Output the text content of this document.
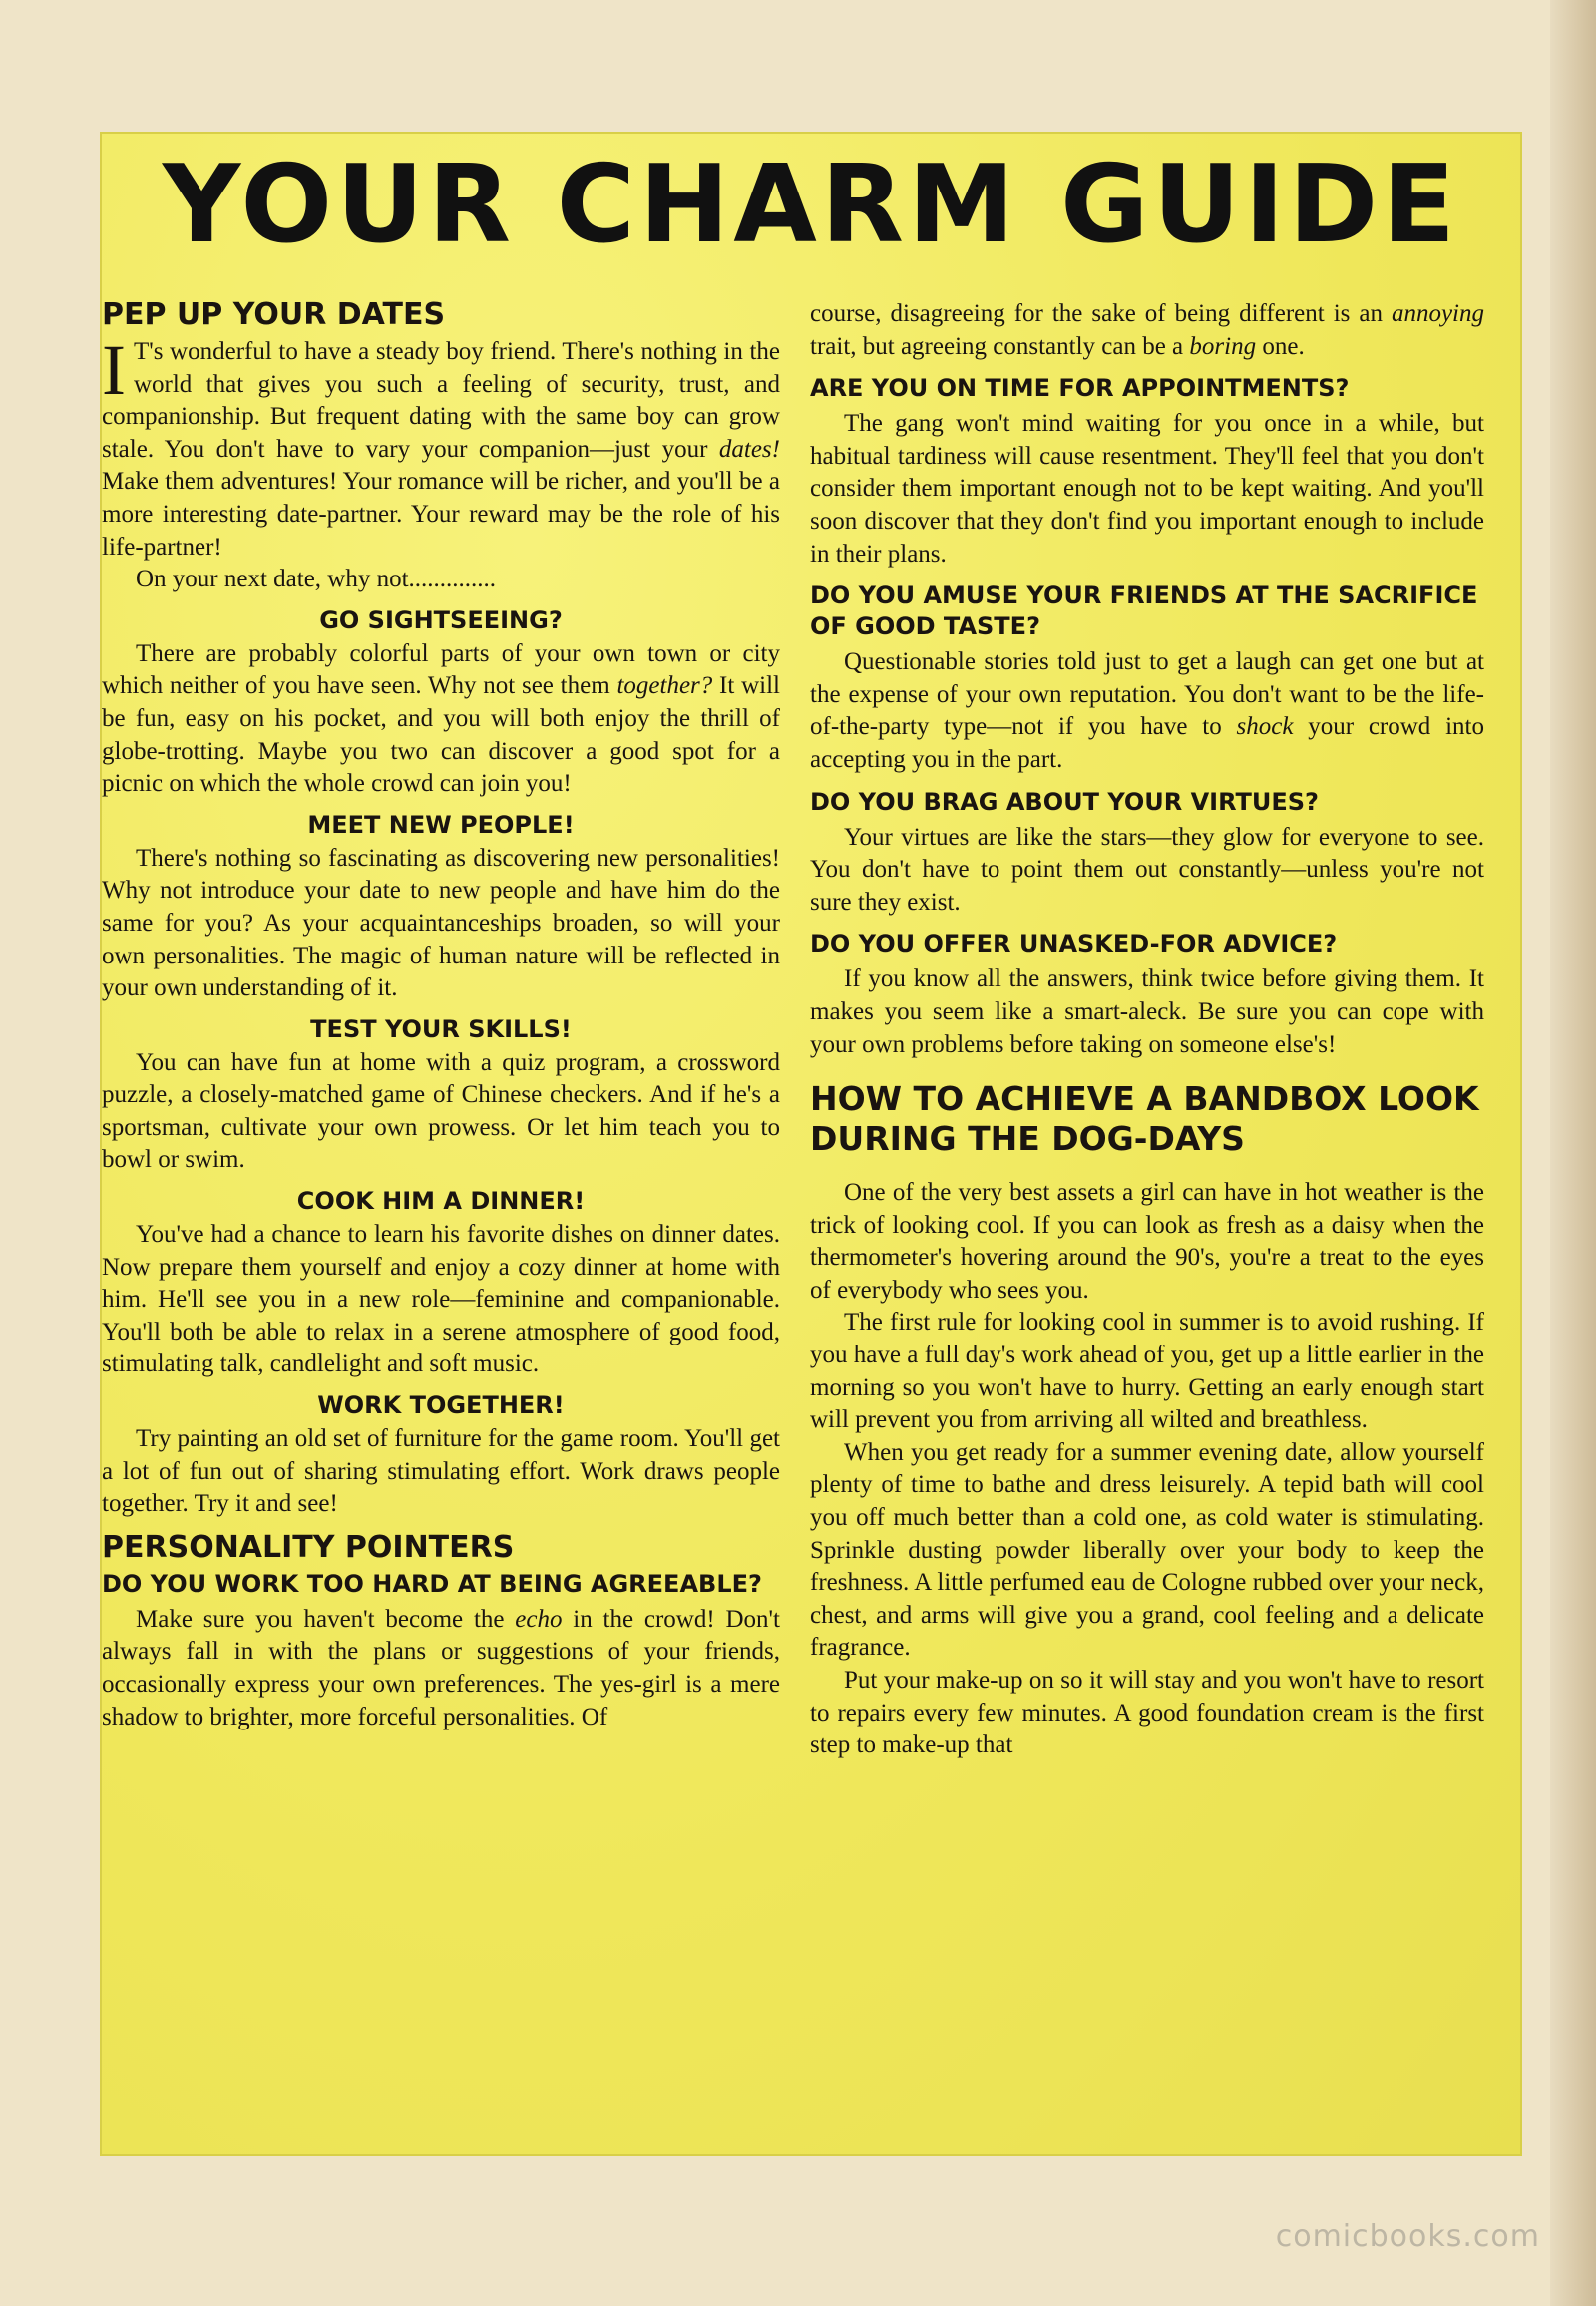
YOUR CHARM GUIDE
PEP UP YOUR DATES

I T's wonderful to have a steady boy friend. There's nothing in the world that gives you such a feeling of security, trust, and companionship. But frequent dating with the same boy can grow stale. You don't have to vary your companion—just your dates! Make them adventures! Your romance will be richer, and you'll be a more interesting date-partner. Your reward may be the role of his life-partner!

On your next date, why not..............

GO SIGHTSEEING?

There are probably colorful parts of your own town or city which neither of you have seen. Why not see them together? It will be fun, easy on his pocket, and you will both enjoy the thrill of globe-trotting. Maybe you two can discover a good spot for a picnic on which the whole crowd can join you!

MEET NEW PEOPLE!

There's nothing so fascinating as discovering new personalities! Why not introduce your date to new people and have him do the same for you? As your acquaintanceships broaden, so will your own personalities. The magic of human nature will be reflected in your own understanding of it.

TEST YOUR SKILLS!

You can have fun at home with a quiz program, a crossword puzzle, a closely-matched game of Chinese checkers. And if he's a sportsman, cultivate your own prowess. Or let him teach you to bowl or swim.

COOK HIM A DINNER!

You've had a chance to learn his favorite dishes on dinner dates. Now prepare them yourself and enjoy a cozy dinner at home with him. He'll see you in a new role—feminine and companionable. You'll both be able to relax in a serene atmosphere of good food, stimulating talk, candlelight and soft music.

WORK TOGETHER!

Try painting an old set of furniture for the game room. You'll get a lot of fun out of sharing stimulating effort. Work draws people together. Try it and see!

PERSONALITY POINTERS
DO YOU WORK TOO HARD AT BEING AGREEABLE?

Make sure you haven't become the echo in the crowd! Don't always fall in with the plans or suggestions of your friends, occasionally express your own preferences. The yes-girl is a mere shadow to brighter, more forceful personalities. Of

course, disagreeing for the sake of being different is an annoying trait, but agreeing constantly can be a boring one.

ARE YOU ON TIME FOR APPOINTMENTS?

The gang won't mind waiting for you once in a while, but habitual tardiness will cause resentment. They'll feel that you don't consider them important enough not to be kept waiting. And you'll soon discover that they don't find you important enough to include in their plans.

DO YOU AMUSE YOUR FRIENDS AT THE SACRIFICE OF GOOD TASTE?

Questionable stories told just to get a laugh can get one but at the expense of your own reputation. You don't want to be the life-of-the-party type—not if you have to shock your crowd into accepting you in the part.

DO YOU BRAG ABOUT YOUR VIRTUES?

Your virtues are like the stars—they glow for everyone to see. You don't have to point them out constantly—unless you're not sure they exist.

DO YOU OFFER UNASKED-FOR ADVICE?

If you know all the answers, think twice before giving them. It makes you seem like a smart-aleck. Be sure you can cope with your own problems before taking on someone else's!

HOW TO ACHIEVE A BANDBOX LOOK DURING THE DOG-DAYS

One of the very best assets a girl can have in hot weather is the trick of looking cool. If you can look as fresh as a daisy when the thermometer's hovering around the 90's, you're a treat to the eyes of everybody who sees you.

The first rule for looking cool in summer is to avoid rushing. If you have a full day's work ahead of you, get up a little earlier in the morning so you won't have to hurry. Getting an early enough start will prevent you from arriving all wilted and breathless.

When you get ready for a summer evening date, allow yourself plenty of time to bathe and dress leisurely. A tepid bath will cool you off much better than a cold one, as cold water is stimulating. Sprinkle dusting powder liberally over your body to keep the freshness. A little perfumed eau de Cologne rubbed over your neck, chest, and arms will give you a grand, cool feeling and a delicate fragrance.

Put your make-up on so it will stay and you won't have to resort to repairs every few minutes. A good foundation cream is the first step to make-up that

comicbooks.com
